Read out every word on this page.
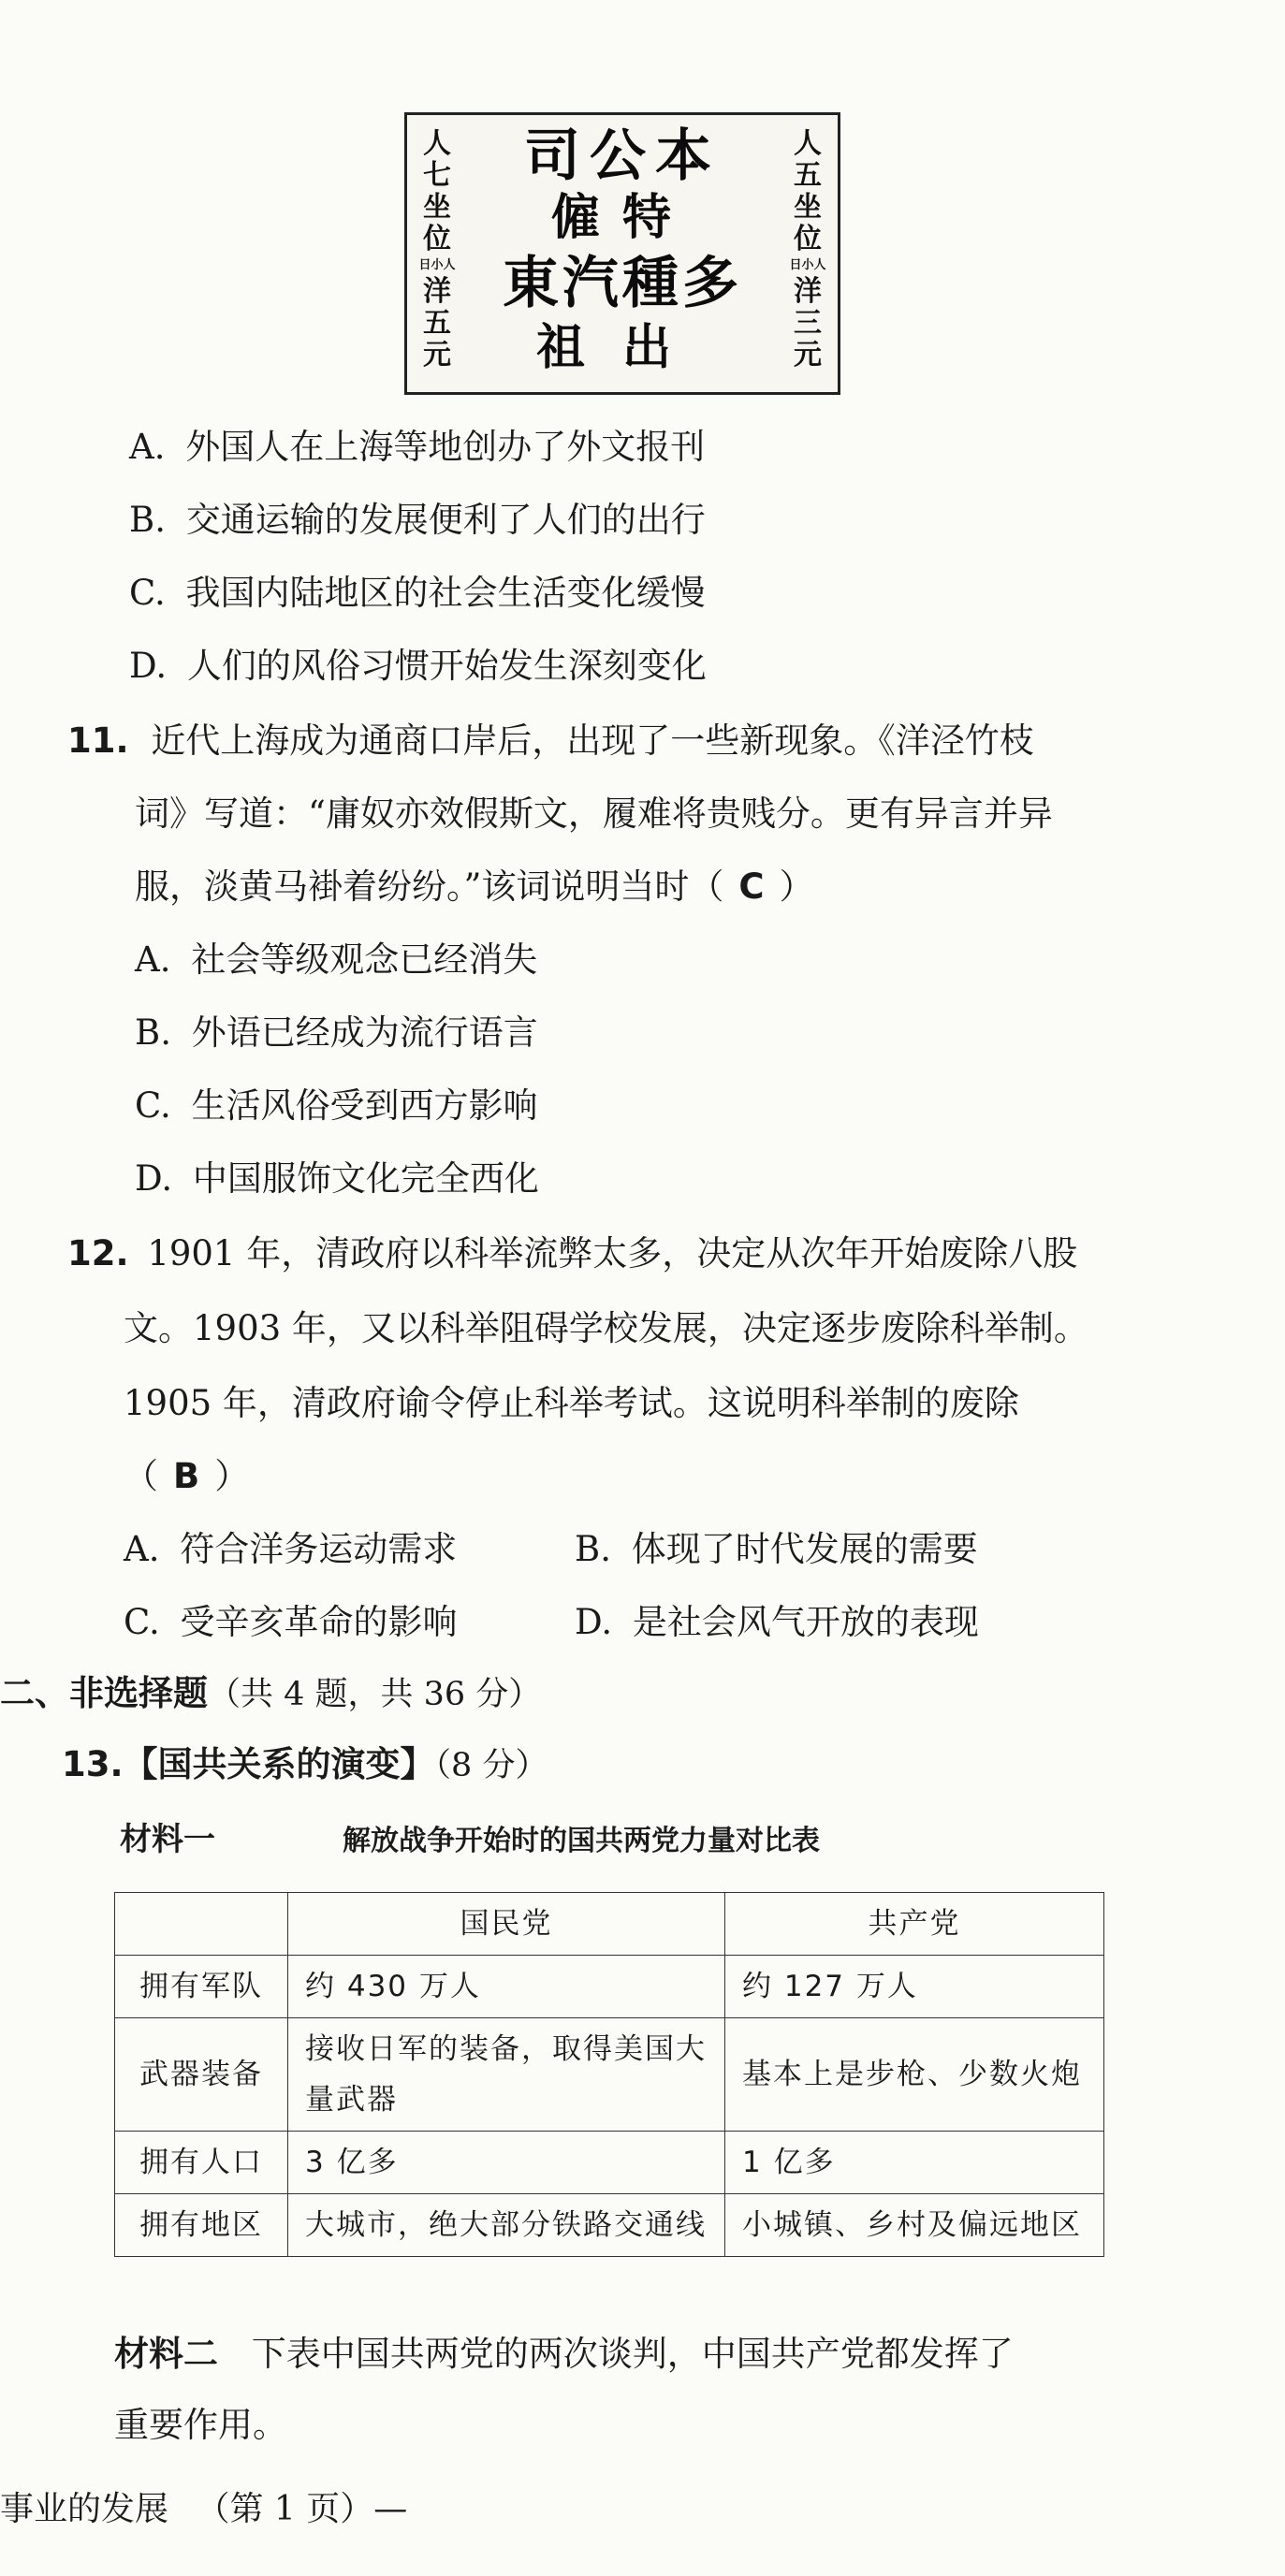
人
七
坐
位
日小人
洋
五
元
司公本
僱特
東汽種多
祖出
人
五
坐
位
日小人
洋
三
元
A. 外国人在上海等地创办了外文报刊
B. 交通运输的发展便利了人们的出行
C. 我国内陆地区的社会生活变化缓慢
D. 人们的风俗习惯开始发生深刻变化
11. 近代上海成为通商口岸后，出现了一些新现象。《洋泾竹枝
词》写道：“庸奴亦效假斯文，履难将贵贱分。更有异言并异
服，淡黄马褂着纷纷。”该词说明当时（ C ）
A. 社会等级观念已经消失
B. 外语已经成为流行语言
C. 生活风俗受到西方影响
D. 中国服饰文化完全西化
12. 1901 年，清政府以科举流弊太多，决定从次年开始废除八股
文。1903 年，又以科举阻碍学校发展，决定逐步废除科举制。
1905 年，清政府谕令停止科举考试。这说明科举制的废除
（ B ）
A. 符合洋务运动需求	B. 体现了时代发展的需要
C. 受辛亥革命的影响	D. 是社会风气开放的表现
二、非选择题（共 4 题，共 36 分）
13.【国共关系的演变】（8 分）
材料一	解放战争开始时的国共两党力量对比表
	国民党	共产党
拥有军队	约 430 万人	约 127 万人
武器装备	接收日军的装备，取得美国大量武器	基本上是步枪、少数火炮
拥有人口	3 亿多	1 亿多
拥有地区	大城市，绝大部分铁路交通线	小城镇、乡村及偏远地区
材料二 下表中国共两党的两次谈判，中国共产党都发挥了
重要作用。
事业的发展 （第 1 页）—
